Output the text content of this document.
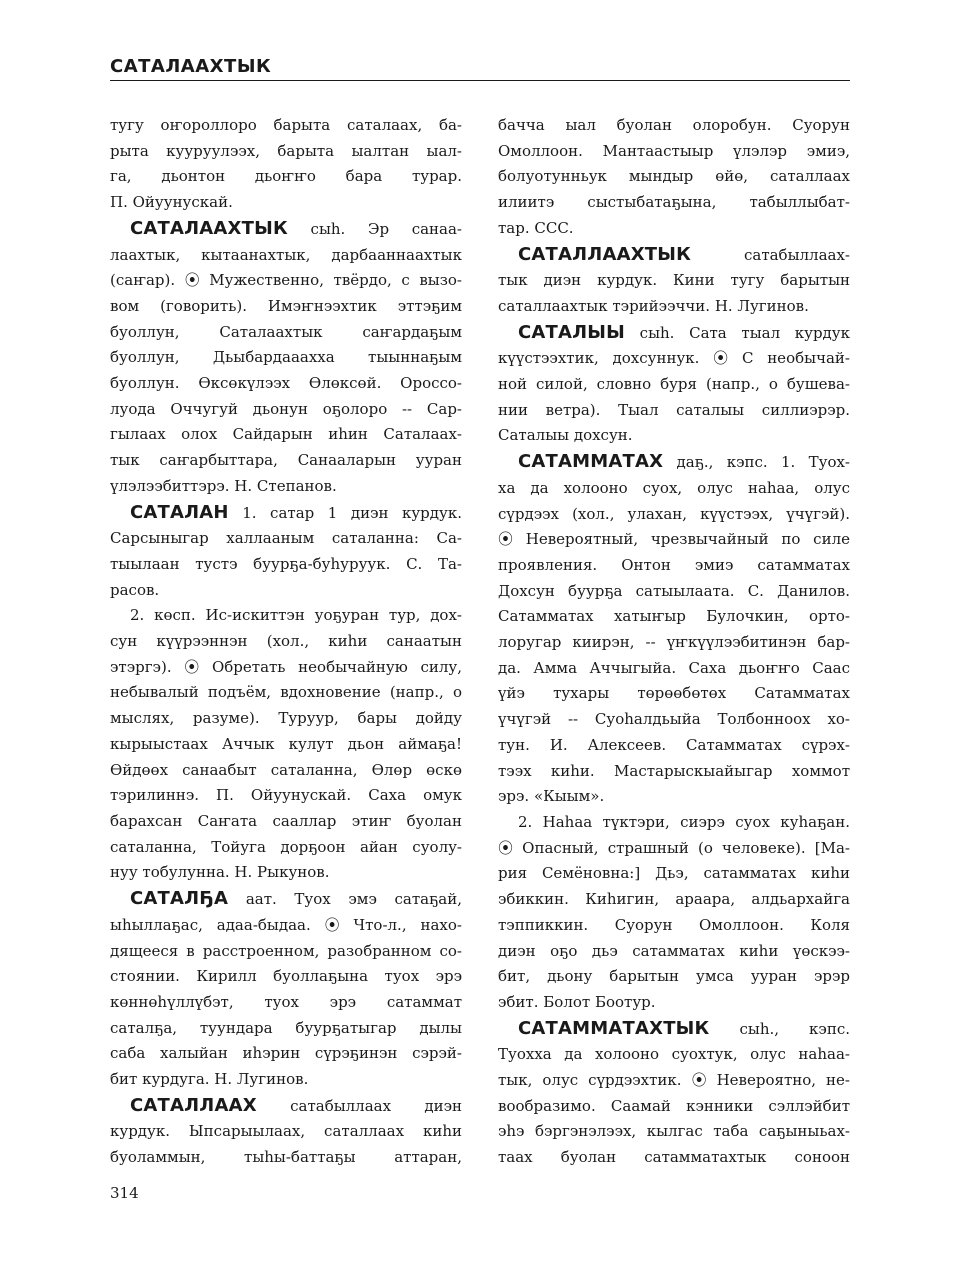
САТАЛААХТЫК
тугу оҥороллоро барыта саталаах, ба-
рыта кууруулээх, барыта ыалтан ыал-
га, дьонтон дьоҥҥо бара турар.
П. Ойуунускай.
САТАЛААХТЫК сыһ. Эр санаа-
лаахтык, кытаанахтык, дарбааннаахтык
(саҥар). ⦿ Мужественно, твёрдо, с вызо-
вом (говорить). Имэҥнээхтик эттэҕим
буоллун, Саталаахтык саҥардаҕым
буоллун, Дьыбардааахха тыыннаҕым
буоллун. Өксөкүлээх Өлөксөй. Ороссо-
луода Оччугуй дьонун оҕолоро -- Сар-
гылаах олох Сайдарын иһин Саталаах-
тык саҥарбыттара, Санааларын ууран
үлэлээбиттэрэ. Н. Степанов.
САТАЛАН 1. сатар 1 диэн курдук.
Сарсыныгар халлааным саталанна: Са-
тыылаан тустэ буурҕа-буһуруук. С. Та-
расов.
2. көсп. Ис-искиттэн уоҕуран тур, дох-
сун күүрээннэн (хол., киһи санаатын
этэргэ). ⦿ Обретать необычайную силу,
небывалый подъём, вдохновение (напр., о
мыслях, разуме). Туруур, бары дойду
кырыыстаах Аччык кулут дьон аймаҕа!
Өйдөөх санаабыт саталанна, Өлөр өскө
тэрилиннэ. П. Ойуунускай. Саха омук
барахсан Саҥата сааллар этиҥ буолан
саталанна, Тойуга дорҕоон айан суолу-
нуу тобулунна. Н. Рыкунов.
САТАЛҔА аат. Туох эмэ сатаҕай,
ыһыллаҕас, адаа-быдаа. ⦿ Что-л., нахо-
дящееся в расстроенном, разобранном со-
стоянии. Кирилл буоллаҕына туох эрэ
көннөһүллүбэт, туох эрэ сатаммат
саталҕа, туундара буурҕатыгар дылы
саба халыйан иһэрин сүрэҕинэн сэрэй-
бит курдуга. Н. Лугинов.
САТАЛЛААХ сатабыллаах диэн
курдук. Ыпсарыылаах, саталлаах киһи
буоламмын, тыһы-баттаҕы аттаран,
бачча ыал буолан олоробун. Суорун
Омоллоон. Мантаастыыр үлэлэр эмиэ,
болуотунньук мындыр өйө, саталлаах
илиитэ сыстыбатаҕына, табыллыбат-
тар. ССС.
САТАЛЛААХТЫК сатабыллаах-
тык диэн курдук. Кини тугу барытын
саталлаахтык тэрийээччи. Н. Лугинов.
САТАЛЫЫ сыһ. Сата тыал курдук
күүстээхтик, дохсуннук. ⦿ С необычай-
ной силой, словно буря (напр., о бушева-
нии ветра). Тыал саталыы силлиэрэр.
Саталыы дохсун.
САТАММАТАХ даҕ., кэпс. 1. Туох-
ха да холооно суох, олус наһаа, олус
сүрдээх (хол., улахан, күүстээх, үчүгэй).
⦿ Невероятный, чрезвычайный по силе
проявления. Онтон эмиэ сатамматах
Дохсун буурҕа сатыылаата. С. Данилов.
Сатамматах хатыҥыр Булочкин, орто-
лоругар киирэн, -- үҥкүүлээбитинэн бар-
да. Амма Аччыгыйа. Саха дьоҥҥо Саас
үйэ тухары төрөөбөтөх Сатамматах
үчүгэй -- Суоһалдьыйа Толбонноох хо-
тун. И. Алексеев. Сатамматах сүрэх-
тээх киһи. Мастарыскыайыгар хоммот
эрэ. «Кыым».
2. Наһаа түктэри, сиэрэ суох куһаҕан.
⦿ Опасный, страшный (о человеке). [Ма-
рия Семёновна:] Дьэ, сатамматах киһи
эбиккин. Киһигин, араара, алдьархайга
тэппиккин. Суорун Омоллоон. Коля
диэн оҕо дьэ сатамматах киһи үөскээ-
бит, дьону барытын умса ууран эрэр
эбит. Болот Боотур.
САТАММАТАХТЫК сыһ., кэпс.
Туохха да холооно суохтук, олус наһаа-
тык, олус сүрдээхтик. ⦿ Невероятно, не-
вообразимо. Саамай кэнники сэллэйбит
эһэ бэргэнэлээх, кылгас таба саҕыныьах-
таах буолан сатамматахтык соноон
314
